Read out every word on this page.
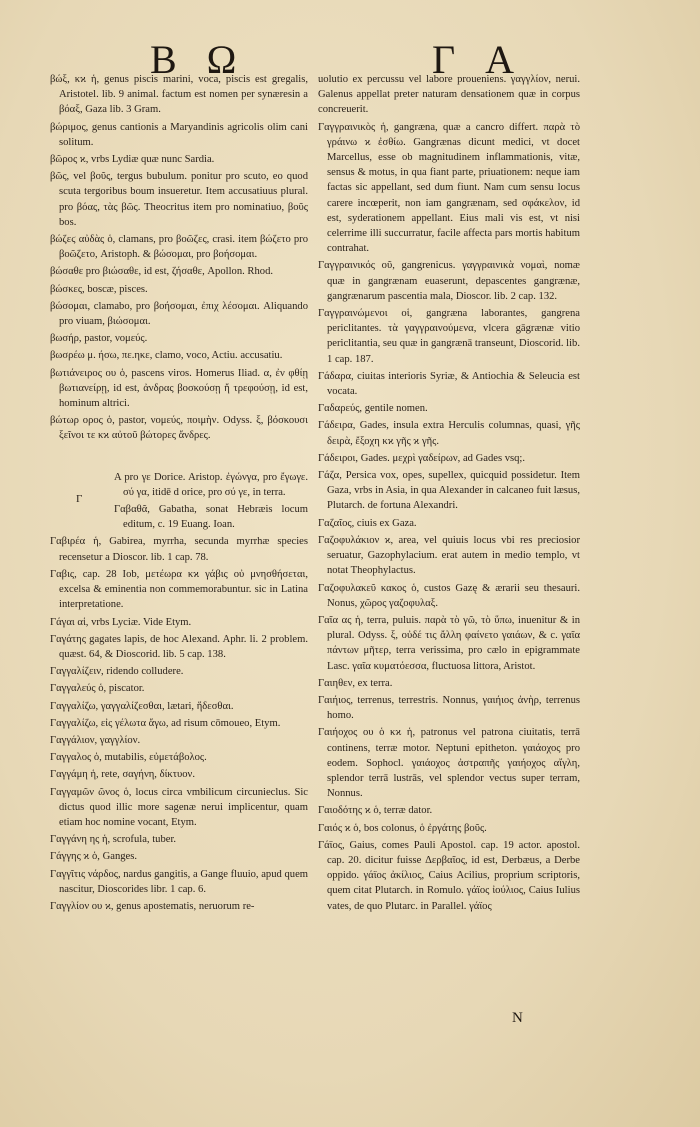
B Ω	Γ A

βώξ, κϰ ἡ, genus piscis marini, voca, piscis est gregalis, Aristotel. lib. 9 animal. factum est nomen per synæresin a βόαξ, Gaza lib. 3 Gram.

βώριμος, genus cantionis a Maryandinis agricolis olim cani solitum.

βῶρος ϰ, vrbs Lydiæ quæ nunc Sardia.

βῶς, vel βοῦς, tergus bubulum. ponitur pro scuto, eo quod scuta tergoribus boum insueretur. Item accusatiuus plural. pro βόας, τὰς βῶς. Theocritus item pro nominatiuo, βοῦς bos.

βώζεϛ αὐδὰς ὁ, clamans, pro βοῶζες, crasi. item βώζετο pro βοῶζετο, Aristoph. & βώσομαι, pro βοήσομαι.

βώσαθε pro βιώσαθε, id est, ζήσαθε, Apollon. Rhod.

βώσκες, boscæ, pisces.

βώσομαι, clamabo, pro βοήσομαι, ἐπιχ λέσομαι. Aliquando pro viuam, βιώσομαι.

βωσήρ, pastor, νομεύς.

βωσρέω μ. ήσω, πε.ηκε, clamo, voco, Actiu. accusatiu.

βωτιάνειρος ου ὁ, pascens viros. Homerus Iliad. α, ἐν φθίῃ βωτιανείρῃ, id est, ἀνδρας βοσκούσῃ ἤ τρεφούσῃ, id est, hominum altrici.

βώτωρ ορος ὁ, pastor, νομεύς, ποιμὴν. Odyss. ξ, βόσκουσι ξεῖνοι τε κϰ αὐτοῦ βώτορες ἄνδρες.

Γ

A pro γε Dorice. Aristop. ἐγώνγα, pro ἔγωγε. σύ γα, itidē d orice, pro σύ γε, in terra.

Γαβαθᾶ, Gabatha, sonat Hebræis locum editum, c. 19 Euang. Ioan.

Γαβιρέα ἡ, Gabirea, myrrha, secunda myrrhæ species recensetur a Dioscor. lib. 1 cap. 78.

Γαβις, cap. 28 Iob, μετέωρα κϰ γάβις οὐ μνησθήσεται, excelsa & eminentia non commemorabuntur. sic in Latina interpretatione.

Γάγαι αἱ, vrbs Lyciæ. Vide Etym.

Γαγάτης gagates lapis, de hoc Alexand. Aphr. li. 2 problem. quæst. 64, & Dioscorid. lib. 5 cap. 138.

Γαγγαλίζειν, ridendo colludere.

Γαγγαλεύς ὁ, piscator.

Γαγγαλίζω, γαγγαλίζεσθαι, lætari, ἥδεσθαι.

Γαγγαλίζω, εἰς γέλωτα ἄγω, ad risum cōmoueo, Etym.

Γαγγάλιον, γαγγλίον.

Γαγγαλος ὁ, mutabilis, εὐμετάβολος.

Γαγγάμη ἡ, rete, σαγήνη, δίκτυον.

Γαγγαμῶν ῶνος ὁ, locus circa vmbilicum circunieclus. Sic dictus quod illic more sagenæ nerui implicentur, quam etiam hoc nomine vocant, Etym.

Γαγγάνη ης ἡ, scrofula, tuber.

Γάγγης ϰ ὁ, Ganges.

Γαγγῖτις νάρδος, nardus gangitis, a Gange fluuio, apud quem nascitur, Dioscorides libr. 1 cap. 6.

Γαγγλίον ου ϰ, genus apostematis, neruorum re-

uolutio ex percussu vel labore proueniens. γαγγλίον, nerui. Galenus appellat preter naturam densationem quæ in corpus concreuerit.

Γαγγραινικὸς ἡ, gangræna, quæ a cancro differt. παρὰ τὸ γράινω ϰ ἐσθίω. Gangrænas dicunt medici, vt docet Marcellus, esse ob magnitudinem inflammationis, vitæ, sensus & motus, in qua fiant parte, priuationem: neque iam factas sic appellant, sed dum fiunt. Nam cum sensu locus carere incœperit, non iam gangrænam, sed σφάκελον, id est, syderationem appellant. Eius mali vis est, vt nisi celerrime illi succurratur, facile affecta pars mortis habitum contrahat.

Γαγγραινικός οῦ, gangrenicus. γαγγραινικὰ νομαὶ, nomæ quæ in gangrænam euaserunt, depascentes gangrænæ, gangrænarum pascentia mala, Dioscor. lib. 2 cap. 132.

Γαγγραινώμενοι οἱ, gangræna laborantes, gangrena periclitantes. τὰ γαγγραινούμενα, vlcera gāgrænæ vitio periclitantia, seu quæ in gangrænā transeunt, Dioscorid. lib. 1 cap. 187.

Γάδαρα, ciuitas interioris Syriæ, & Antiochia & Seleucia est vocata.

Γαδαρεύς, gentile nomen.

Γάδειρα, Gades, insula extra Herculis columnas, quasi, γῆς δειρὰ, ἔξοχη κϰ γῆς ϰ γῆς.

Γάδειροι, Gades. μεχρὶ γαδείρων, ad Gades vsq;.

Γάζα, Persica vox, opes, supellex, quicquid possidetur. Item Gaza, vrbs in Asia, in qua Alexander in calcaneo fuit læsus, Plutarch. de fortuna Alexandri.

Γαζαῖος, ciuis ex Gaza.

Γαζοφυλάκιον ϰ, area, vel quiuis locus vbi res preciosior seruatur, Gazophylacium. erat autem in medio templo, vt notat Theophylactus.

Γαζοφυλακεῦ κακος ὁ, custos Gazę & ærarii seu thesauri. Nonus, χῶρος γαζοφυλαξ.

Γαῖα ας ἡ, terra, puluis. παρὰ τὸ γῶ, τὸ ὕπω, inuenitur & in plural. Odyss. ξ, οὐδέ τις ἄλλη φαίνετο γαιάων, & c. γαῖα πάντων μῆτερ, terra verissima, pro cælo in epigrammate Lasc. γαῖα κυματόεσσα, fluctuosa littora, Aristot.

Γαιηθεν, ex terra.

Γαιήιος, terrenus, terrestris. Nonnus, γαιήιος ἀνὴρ, terrenus homo.

Γαιήοχος ου ὁ κϰ ἡ, patronus vel patrona ciuitatis, terrā continens, terræ motor. Neptuni epitheton. γαιάοχος pro eodem. Sophocl. γαιάοχος ἀστραπῆς γαιήοχος αἴγλη, splendor terrā lustrās, vel splendor vectus super terram, Nonnus.

Γαιοδότης ϰ ὁ, terræ dator.

Γαιός ϰ ὁ, bos colonus, ὁ ἐργάτης βοῦς.

Γάϊος, Gaius, comes Pauli Apostol. cap. 19 actor. apostol. cap. 20. dicitur fuisse Δερβαῖος, id est, Derbæus, a Derbe oppido. γάϊος ἀκίλιος, Caius Acilius, proprium scriptoris, quem citat Plutarch. in Romulo. γάϊος ἰούλιος, Caius Iulius vates, de quo Plutarc. in Parallel. γάϊος

N
